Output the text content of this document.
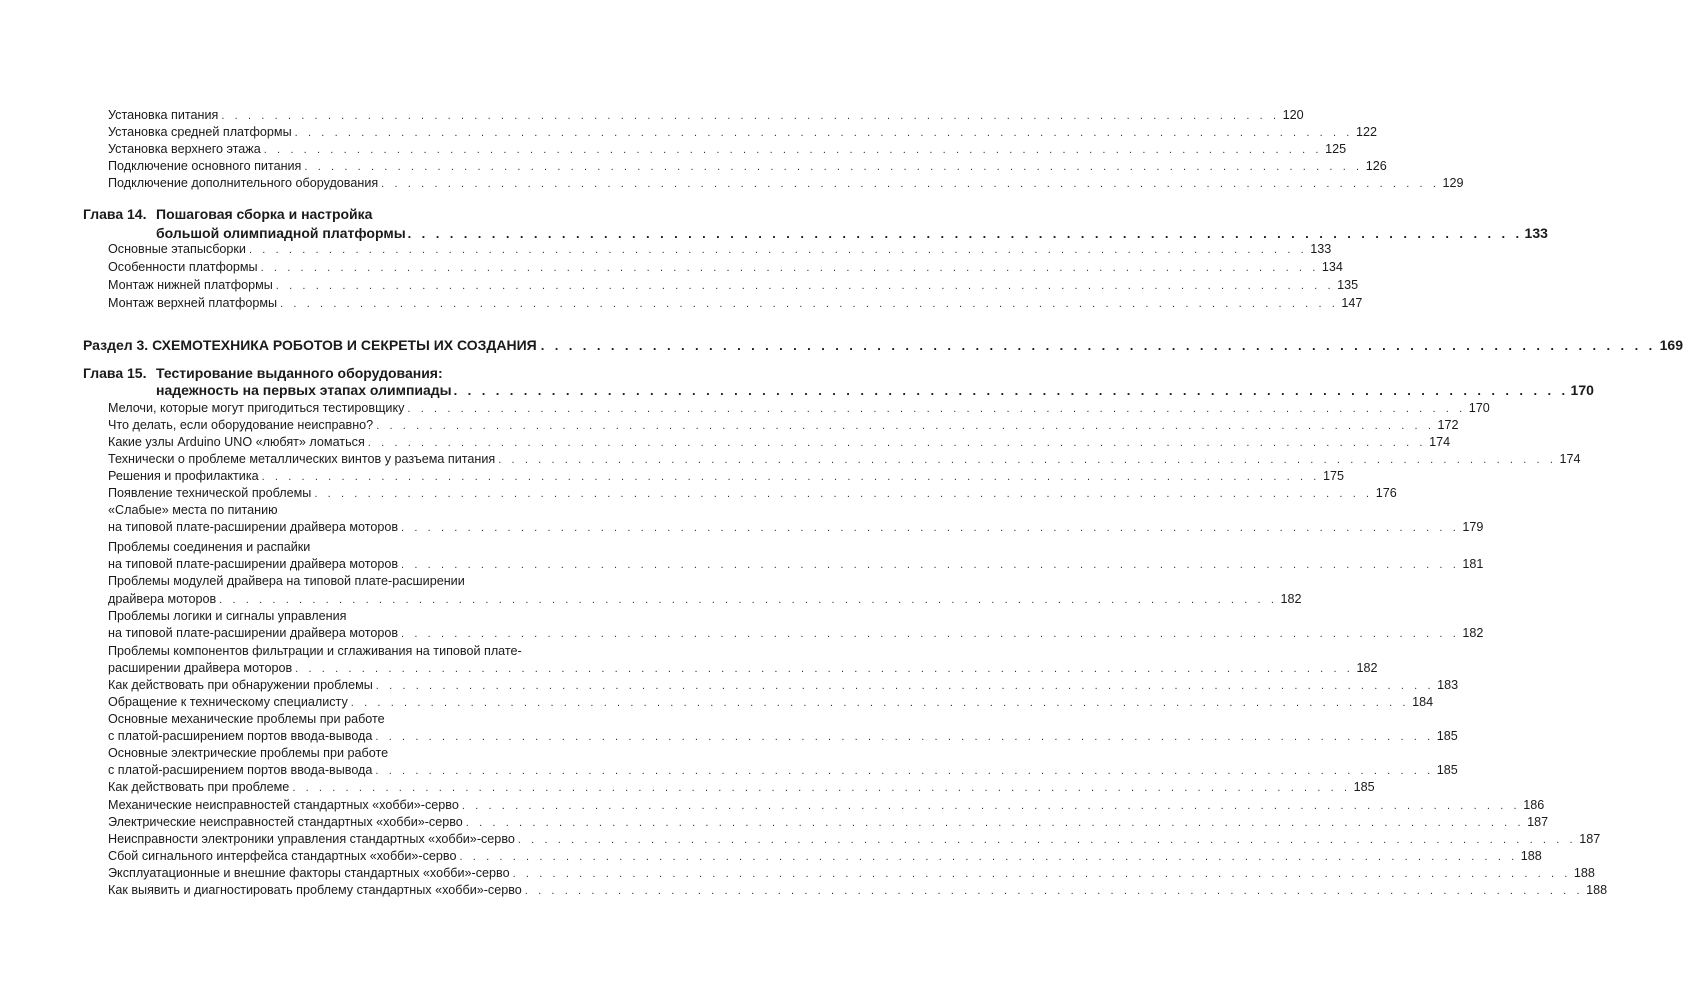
Установка питания . . . . . . . . . . . . . . . . . . . . . . . . . . . . . . . . . . . . . . . . . . . . . . . . . . . . . . . . . . . . . . . . . . . . . . . . . . . . . . . . 120
Установка средней платформы . . . . . . . . . . . . . . . . . . . . . . . . . . . . . . . . . . . . . . . . . . . . . . . . . . . . . . . . . . . . . . . . . . . . . . . . . . . . . . . . 122
Установка верхнего этажа . . . . . . . . . . . . . . . . . . . . . . . . . . . . . . . . . . . . . . . . . . . . . . . . . . . . . . . . . . . . . . . . . . . . . . . . . . . . . . . . 125
Подключение основного питания . . . . . . . . . . . . . . . . . . . . . . . . . . . . . . . . . . . . . . . . . . . . . . . . . . . . . . . . . . . . . . . . . . . . . . . . . . . . . . . . 126
Подключение дополнительного оборудования . . . . . . . . . . . . . . . . . . . . . . . . . . . . . . . . . . . . . . . . . . . . . . . . . . . . . . . . . . . . . . . . . . . . . . . . . . . . . . . . 129
Глава 14. Пошаговая сборка и настройка
большой олимпиадной платформы . . . . . . . . . . . . . . . . . . . . . . . . . . . . . . . . . . . . . . . . . . . . . . . . . . . . . . . . . . . . . . . . . . . . . . . . . . . . . . . . 133
Основные этапысборки . . . . . . . . . . . . . . . . . . . . . . . . . . . . . . . . . . . . . . . . . . . . . . . . . . . . . . . . . . . . . . . . . . . . . . . . . . . . . . . . 133
Особенности платформы . . . . . . . . . . . . . . . . . . . . . . . . . . . . . . . . . . . . . . . . . . . . . . . . . . . . . . . . . . . . . . . . . . . . . . . . . . . . . . . . 134
Монтаж нижней платформы . . . . . . . . . . . . . . . . . . . . . . . . . . . . . . . . . . . . . . . . . . . . . . . . . . . . . . . . . . . . . . . . . . . . . . . . . . . . . . . . 135
Монтаж верхней платформы . . . . . . . . . . . . . . . . . . . . . . . . . . . . . . . . . . . . . . . . . . . . . . . . . . . . . . . . . . . . . . . . . . . . . . . . . . . . . . . . 147
Раздел 3. СХЕМОТЕХНИКА РОБОТОВ И СЕКРЕТЫ ИХ СОЗДАНИЯ . . . . . . . . . . . . . . . . . . . . . . . . . . . . . . . . . . . . . . . . . . . . . . . . . . . . . . . . . . . . . . . . . . . . . . . . . . . . . . . . 169
Глава 15. Тестирование выданного оборудования:
надежность на первых этапах олимпиады . . . . . . . . . . . . . . . . . . . . . . . . . . . . . . . . . . . . . . . . . . . . . . . . . . . . . . . . . . . . . . . . . . . . . . . . . . . . . . . . 170
Мелочи, которые могут пригодиться тестировщику . . . . . . . . . . . . . . . . . . . . . . . . . . . . . . . . . . . . . . . . . . . . . . . . . . . . . . . . . . . . . . . . . . . . . . . . . . . . . . . . 170
Что делать, если оборудование неисправно? . . . . . . . . . . . . . . . . . . . . . . . . . . . . . . . . . . . . . . . . . . . . . . . . . . . . . . . . . . . . . . . . . . . . . . . . . . . . . . . . 172
Какие узлы Arduino UNO «любят» ломаться . . . . . . . . . . . . . . . . . . . . . . . . . . . . . . . . . . . . . . . . . . . . . . . . . . . . . . . . . . . . . . . . . . . . . . . . . . . . . . . . 174
Технически о проблеме металлических винтов у разъема питания . . . . . . . . . . . . . . . . . . . . . . . . . . . . . . . . . . . . . . . . . . . . . . . . . . . . . . . . . . . . . . . . . . . . . . . . . . . . . . . . 174
Решения и профилактика . . . . . . . . . . . . . . . . . . . . . . . . . . . . . . . . . . . . . . . . . . . . . . . . . . . . . . . . . . . . . . . . . . . . . . . . . . . . . . . . 175
Появление технической проблемы . . . . . . . . . . . . . . . . . . . . . . . . . . . . . . . . . . . . . . . . . . . . . . . . . . . . . . . . . . . . . . . . . . . . . . . . . . . . . . . . 176
«Слабые» места по питанию
на типовой плате-расширении драйвера моторов . . . . . . . . . . . . . . . . . . . . . . . . . . . . . . . . . . . . . . . . . . . . . . . . . . . . . . . . . . . . . . . . . . . . . . . . . . . . . . . . 179
Проблемы соединения и распайки
на типовой плате-расширении драйвера моторов . . . . . . . . . . . . . . . . . . . . . . . . . . . . . . . . . . . . . . . . . . . . . . . . . . . . . . . . . . . . . . . . . . . . . . . . . . . . . . . . 181
Проблемы модулей драйвера на типовой плате-расширении
драйвера моторов . . . . . . . . . . . . . . . . . . . . . . . . . . . . . . . . . . . . . . . . . . . . . . . . . . . . . . . . . . . . . . . . . . . . . . . . . . . . . . . . 182
Проблемы логики и сигналы управления
на типовой плате-расширении драйвера моторов . . . . . . . . . . . . . . . . . . . . . . . . . . . . . . . . . . . . . . . . . . . . . . . . . . . . . . . . . . . . . . . . . . . . . . . . . . . . . . . . 182
Проблемы компонентов фильтрации и сглаживания на типовой плате-
расширении драйвера моторов . . . . . . . . . . . . . . . . . . . . . . . . . . . . . . . . . . . . . . . . . . . . . . . . . . . . . . . . . . . . . . . . . . . . . . . . . . . . . . . . 182
Как действовать при обнаружении проблемы . . . . . . . . . . . . . . . . . . . . . . . . . . . . . . . . . . . . . . . . . . . . . . . . . . . . . . . . . . . . . . . . . . . . . . . . . . . . . . . . 183
Обращение к техническому специалисту . . . . . . . . . . . . . . . . . . . . . . . . . . . . . . . . . . . . . . . . . . . . . . . . . . . . . . . . . . . . . . . . . . . . . . . . . . . . . . . . 184
Основные механические проблемы при работе
с платой-расширением портов ввода-вывода . . . . . . . . . . . . . . . . . . . . . . . . . . . . . . . . . . . . . . . . . . . . . . . . . . . . . . . . . . . . . . . . . . . . . . . . . . . . . . . . 185
Основные электрические проблемы при работе
с платой-расширением портов ввода-вывода . . . . . . . . . . . . . . . . . . . . . . . . . . . . . . . . . . . . . . . . . . . . . . . . . . . . . . . . . . . . . . . . . . . . . . . . . . . . . . . . 185
Как действовать при проблеме . . . . . . . . . . . . . . . . . . . . . . . . . . . . . . . . . . . . . . . . . . . . . . . . . . . . . . . . . . . . . . . . . . . . . . . . . . . . . . . . 185
Механические неисправностей стандартных «хобби»-серво . . . . . . . . . . . . . . . . . . . . . . . . . . . . . . . . . . . . . . . . . . . . . . . . . . . . . . . . . . . . . . . . . . . . . . . . . . . . . . . . 186
Электрические неисправностей стандартных «хобби»-серво . . . . . . . . . . . . . . . . . . . . . . . . . . . . . . . . . . . . . . . . . . . . . . . . . . . . . . . . . . . . . . . . . . . . . . . . . . . . . . . . 187
Неисправности электроники управления стандартных «хобби»-серво . . . . . . . . . . . . . . . . . . . . . . . . . . . . . . . . . . . . . . . . . . . . . . . . . . . . . . . . . . . . . . . . . . . . . . . . . . . . . . . . 187
Сбой сигнального интерфейса стандартных «хобби»-серво . . . . . . . . . . . . . . . . . . . . . . . . . . . . . . . . . . . . . . . . . . . . . . . . . . . . . . . . . . . . . . . . . . . . . . . . . . . . . . . . 188
Эксплуатационные и внешние факторы стандартных «хобби»-серво . . . . . . . . . . . . . . . . . . . . . . . . . . . . . . . . . . . . . . . . . . . . . . . . . . . . . . . . . . . . . . . . . . . . . . . . . . . . . . . . 188
Как выявить и диагностировать проблему стандартных «хобби»-серво . . . . . . . . . . . . . . . . . . . . . . . . . . . . . . . . . . . . . . . . . . . . . . . . . . . . . . . . . . . . . . . . . . . . . . . . . . . . . . . . 188
